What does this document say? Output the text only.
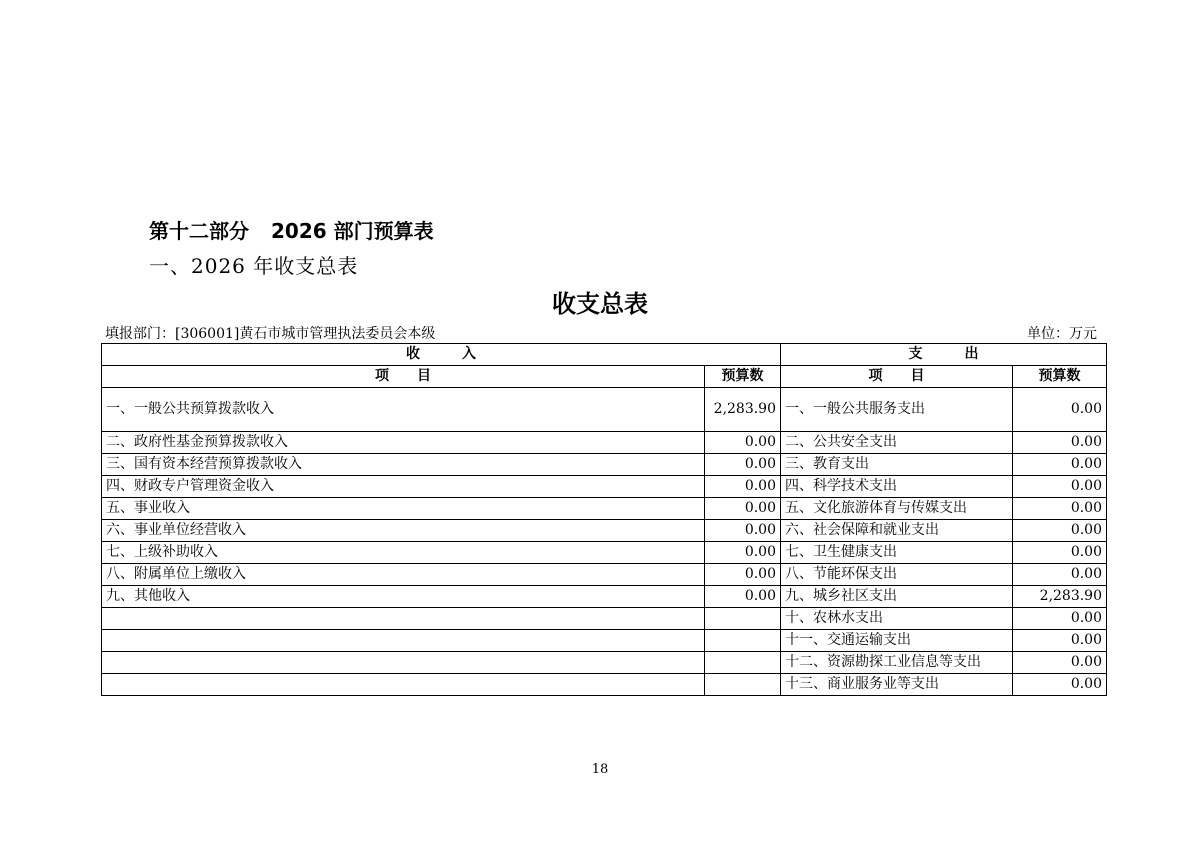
第十二部分 2026 部门预算表
一、2026 年收支总表
收支总表
填报部门：[306001]黄石市城市管理执法委员会本级	单位：万元
收　　　入		支　　　出	
项　　目	预算数	项　　目	预算数
一、一般公共预算拨款收入	2,283.90	一、一般公共服务支出	0.00
二、政府性基金预算拨款收入	0.00	二、公共安全支出	0.00
三、国有资本经营预算拨款收入	0.00	三、教育支出	0.00
四、财政专户管理资金收入	0.00	四、科学技术支出	0.00
五、事业收入	0.00	五、文化旅游体育与传媒支出	0.00
六、事业单位经营收入	0.00	六、社会保障和就业支出	0.00
七、上级补助收入	0.00	七、卫生健康支出	0.00
八、附属单位上缴收入	0.00	八、节能环保支出	0.00
九、其他收入	0.00	九、城乡社区支出	2,283.90
		十、农林水支出	0.00
		十一、交通运输支出	0.00
		十二、资源勘探工业信息等支出	0.00
		十三、商业服务业等支出	0.00
18
